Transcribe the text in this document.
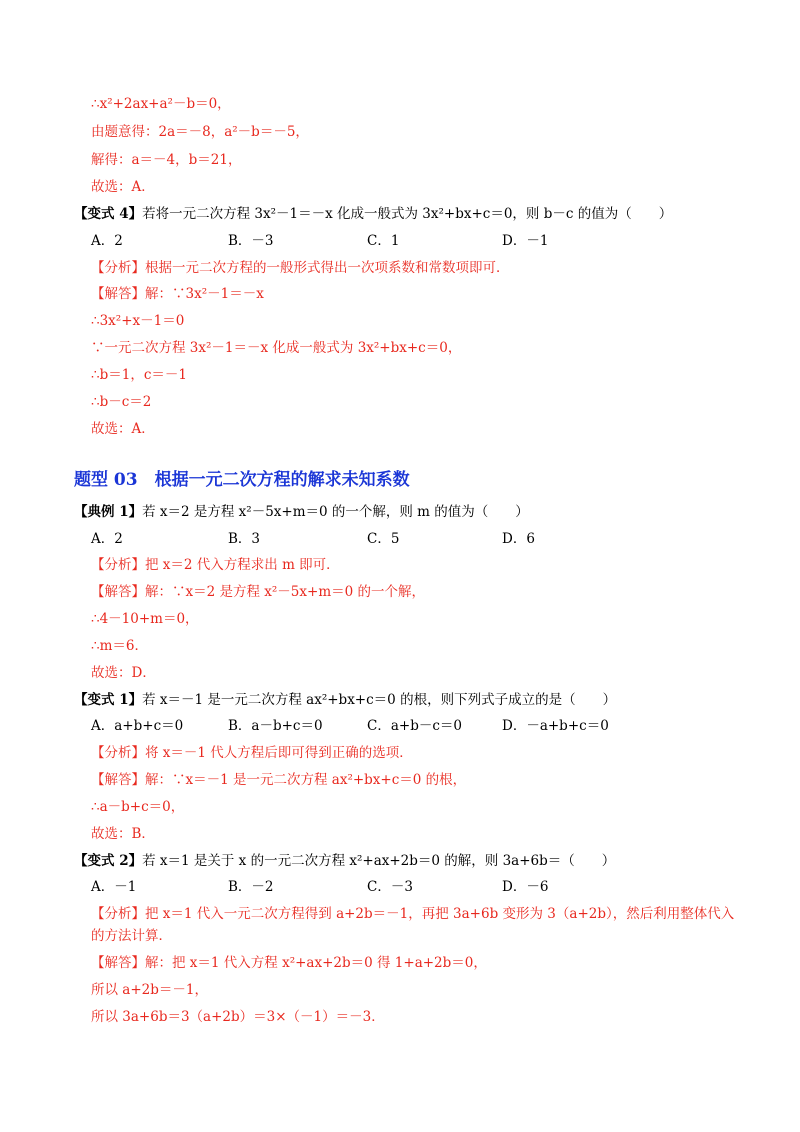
∴x²+2ax+a²－b＝0，
由题意得：2a＝－8，a²－b＝－5，
解得：a＝－4，b＝21，
故选：A．
【变式 4】若将一元二次方程 3x²－1＝－x 化成一般式为 3x²+bx+c＝0，则 b－c 的值为（　　）
A．2	B．－3	C．1	D．－1
【分析】根据一元二次方程的一般形式得出一次项系数和常数项即可．
【解答】解：∵3x²－1＝－x
∴3x²+x－1＝0
∵一元二次方程 3x²－1＝－x 化成一般式为 3x²+bx+c＝0，
∴b＝1，c＝－1
∴b－c＝2
故选：A．
题型 03　根据一元二次方程的解求未知系数
【典例 1】若 x＝2 是方程 x²－5x+m＝0 的一个解，则 m 的值为（　　）
A．2	B．3	C．5	D．6
【分析】把 x＝2 代入方程求出 m 即可．
【解答】解：∵x＝2 是方程 x²－5x+m＝0 的一个解，
∴4－10+m＝0，
∴m＝6．
故选：D．
【变式 1】若 x＝－1 是一元二次方程 ax²+bx+c＝0 的根，则下列式子成立的是（　　）
A．a+b+c＝0	B．a－b+c＝0	C．a+b－c＝0	D．－a+b+c＝0
【分析】将 x＝－1 代人方程后即可得到正确的选项．
【解答】解：∵x＝－1 是一元二次方程 ax²+bx+c＝0 的根，
∴a－b+c＝0，
故选：B．
【变式 2】若 x＝1 是关于 x 的一元二次方程 x²+ax+2b＝0 的解，则 3a+6b＝（　　）
A．－1	B．－2	C．－3	D．－6
【分析】把 x＝1 代入一元二次方程得到 a+2b＝－1，再把 3a+6b 变形为 3（a+2b），然后利用整体代入
的方法计算．
【解答】解：把 x＝1 代入方程 x²+ax+2b＝0 得 1+a+2b＝0，
所以 a+2b＝－1，
所以 3a+6b＝3（a+2b）＝3×（－1）＝－3．
